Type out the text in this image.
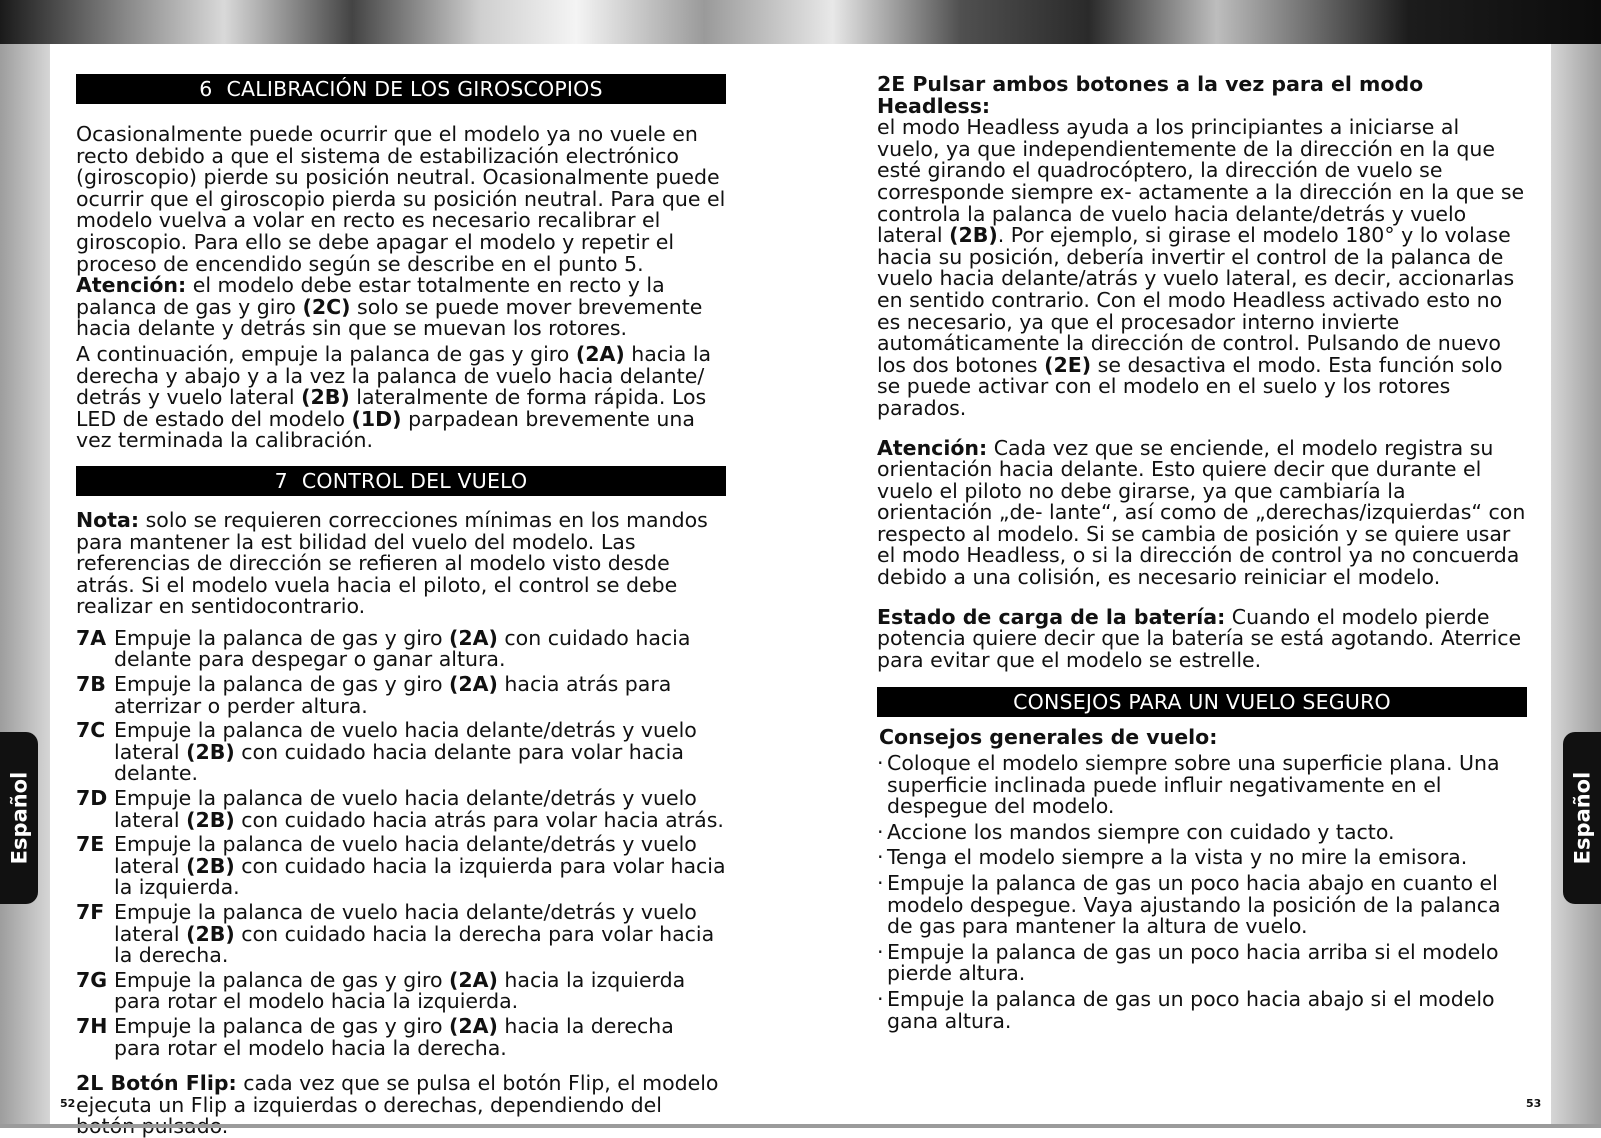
Español	Español
6 CALIBRACIÓN DE LOS GIROSCOPIOS

Ocasionalmente puede ocurrir que el modelo ya no vuele en recto debido a que el sistema de estabilización electrónico (giroscopio) pierde su posición neutral. Ocasionalmente puede ocurrir que el giroscopio pierda su posición neutral. Para que el modelo vuelva a volar en recto es necesario recalibrar el giroscopio. Para ello se debe apagar el modelo y repetir el proceso de encendido según se describe en el punto 5. Atención: el modelo debe estar totalmente en recto y la palanca de gas y giro (2C) solo se puede mover brevemente hacia delante y detrás sin que se muevan los rotores.

A continuación, empuje la palanca de gas y giro (2A) hacia la derecha y abajo y a la vez la palanca de vuelo hacia delante/ detrás y vuelo lateral (2B) lateralmente de forma rápida. Los LED de estado del modelo (1D) parpadean brevemente una vez terminada la calibración.

7 CONTROL DEL VUELO

Nota: solo se requieren correcciones mínimas en los mandos para mantener la est bilidad del vuelo del modelo. Las referencias de dirección se refieren al modelo visto desde atrás. Si el modelo vuela hacia el piloto, el control se debe realizar en sentidocontrario.

7A Empuje la palanca de gas y giro (2A) con cuidado hacia delante para despegar o ganar altura.
7B Empuje la palanca de gas y giro (2A) hacia atrás para aterrizar o perder altura.
7C Empuje la palanca de vuelo hacia delante/detrás y vuelo lateral (2B) con cuidado hacia delante para volar hacia delante.
7D Empuje la palanca de vuelo hacia delante/detrás y vuelo lateral (2B) con cuidado hacia atrás para volar hacia atrás.
7E Empuje la palanca de vuelo hacia delante/detrás y vuelo lateral (2B) con cuidado hacia la izquierda para volar hacia la izquierda.
7F Empuje la palanca de vuelo hacia delante/detrás y vuelo lateral (2B) con cuidado hacia la derecha para volar hacia la derecha.
7G Empuje la palanca de gas y giro (2A) hacia la izquierda para rotar el modelo hacia la izquierda.
7H Empuje la palanca de gas y giro (2A) hacia la derecha para rotar el modelo hacia la derecha.

2L Botón Flip: cada vez que se pulsa el botón Flip, el modelo ejecuta un Flip a izquierdas o derechas, dependiendo del

2E Pulsar ambos botones a la vez para el modo Headless:
el modo Headless ayuda a los principiantes a iniciarse al vuelo, ya que independientemente de la dirección en la que esté girando el quadrocóptero, la dirección de vuelo se corresponde siempre ex- actamente a la dirección en la que se controla la palanca de vuelo hacia delante/detrás y vuelo lateral (2B). Por ejemplo, si girase el modelo 180° y lo volase hacia su posición, debería invertir el control de la palanca de vuelo hacia delante/atrás y vuelo lateral, es decir, accionarlas en sentido contrario. Con el modo Headless activado esto no es necesario, ya que el procesador interno invierte automáticamente la dirección de control. Pulsando de nuevo los dos botones (2E) se desactiva el modo. Esta función solo se puede activar con el modelo en el suelo y los rotores parados.

Atención: Cada vez que se enciende, el modelo registra su orientación hacia delante. Esto quiere decir que durante el vuelo el piloto no debe girarse, ya que cambiaría la orientación „de- lante“, así como de „derechas/izquierdas“ con respecto al modelo. Si se cambia de posición y se quiere usar el modo Headless, o si la dirección de control ya no concuerda debido a una colisión, es necesario reiniciar el modelo.

Estado de carga de la batería: Cuando el modelo pierde potencia quiere decir que la batería se está agotando. Aterrice para evitar que el modelo se estrelle.

CONSEJOS PARA UN VUELO SEGURO
Consejos generales de vuelo:
· Coloque el modelo siempre sobre una superficie plana. Una superficie inclinada puede influir negativamente en el despegue del modelo.
· Accione los mandos siempre con cuidado y tacto.
· Tenga el modelo siempre a la vista y no mire la emisora.
· Empuje la palanca de gas un poco hacia abajo en cuanto el modelo despegue. Vaya ajustando la posición de la palanca de gas para mantener la altura de vuelo.
· Empuje la palanca de gas un poco hacia arriba si el modelo pierde altura.
· Empuje la palanca de gas un poco hacia abajo si el modelo gana altura.
52	53
